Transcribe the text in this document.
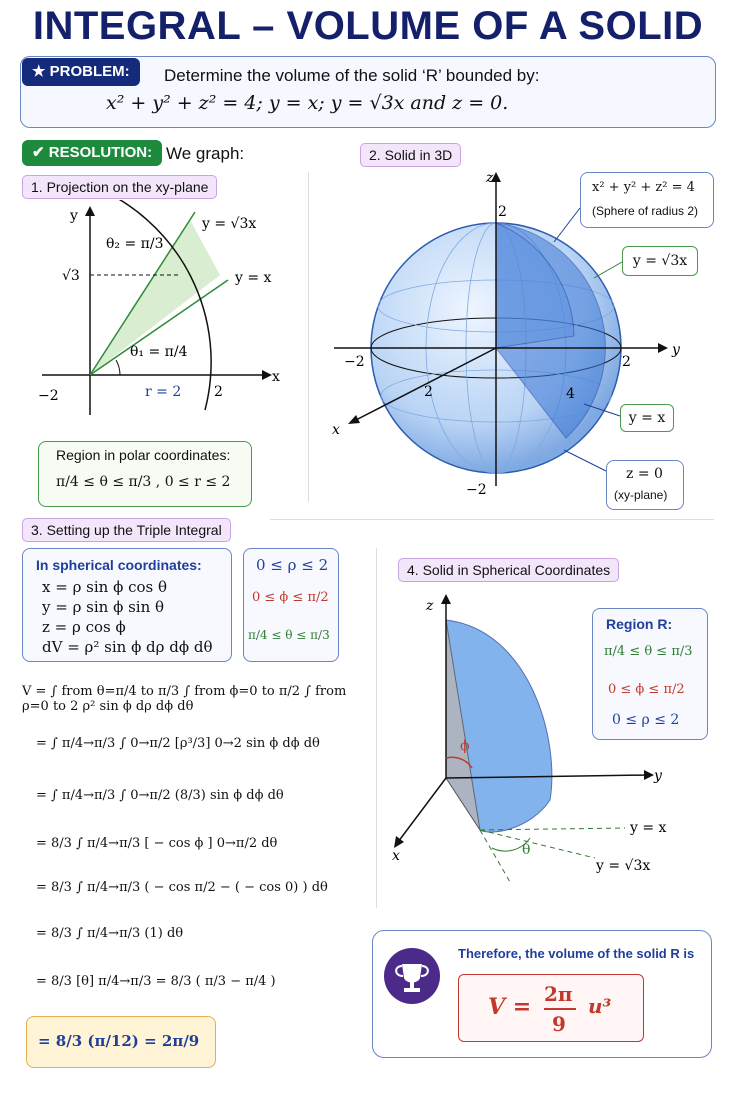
INTEGRAL – VOLUME OF A SOLID
★ PROBLEM:	Determine the volume of the solid ‘R’ bounded by:
x² + y² + z² = 4; y = x; y = √3x and z = 0.
✔ RESOLUTION: We graph:
1. Projection on the xy-plane
2. Solid in 3D
3. Setting up the Triple Integral
4. Solid in Spherical Coordinates
y
x
√3
−2	2
r = 2
y = √3x
y = x
θ₂ = π/3
θ₁ = π/4
Region in polar coordinates:
π/4 ≤ θ ≤ π/3 , 0 ≤ r ≤ 2
z
y
x
2
−2
−2	2
2	4
x² + y² + z² = 4
(Sphere of radius 2)
y = √3x
y = x
z = 0
(xy-plane)
In spherical coordinates:
x = ρ sin ϕ cos θ
y = ρ sin ϕ sin θ
z = ρ cos ϕ
dV = ρ² sin ϕ dρ dϕ dθ
0 ≤ ρ ≤ 2
0 ≤ ϕ ≤ π/2
π/4 ≤ θ ≤ π/3
V = ∫ from θ=π/4 to π/3 ∫ from ϕ=0 to π/2 ∫ from ρ=0 to 2 ρ² sin ϕ dρ dϕ dθ
= ∫ π/4→π/3 ∫ 0→π/2 [ρ³/3] 0→2 sin ϕ dϕ dθ
= ∫ π/4→π/3 ∫ 0→π/2 (8/3) sin ϕ dϕ dθ
= 8/3 ∫ π/4→π/3 [ − cos ϕ ] 0→π/2 dθ
= 8/3 ∫ π/4→π/3 ( − cos π/2 − ( − cos 0) ) dθ
= 8/3 ∫ π/4→π/3 (1) dθ
= 8/3 [θ] π/4→π/3 = 8/3 ( π/3 − π/4 )
= 8/3 (π/12) = 2π/9
z
y
x
ϕ
θ
y = x
y = √3x
Region R:
π/4 ≤ θ ≤ π/3
0 ≤ ϕ ≤ π/2
0 ≤ ρ ≤ 2
Therefore, the volume of the solid R is
V = 2π
9
u³
